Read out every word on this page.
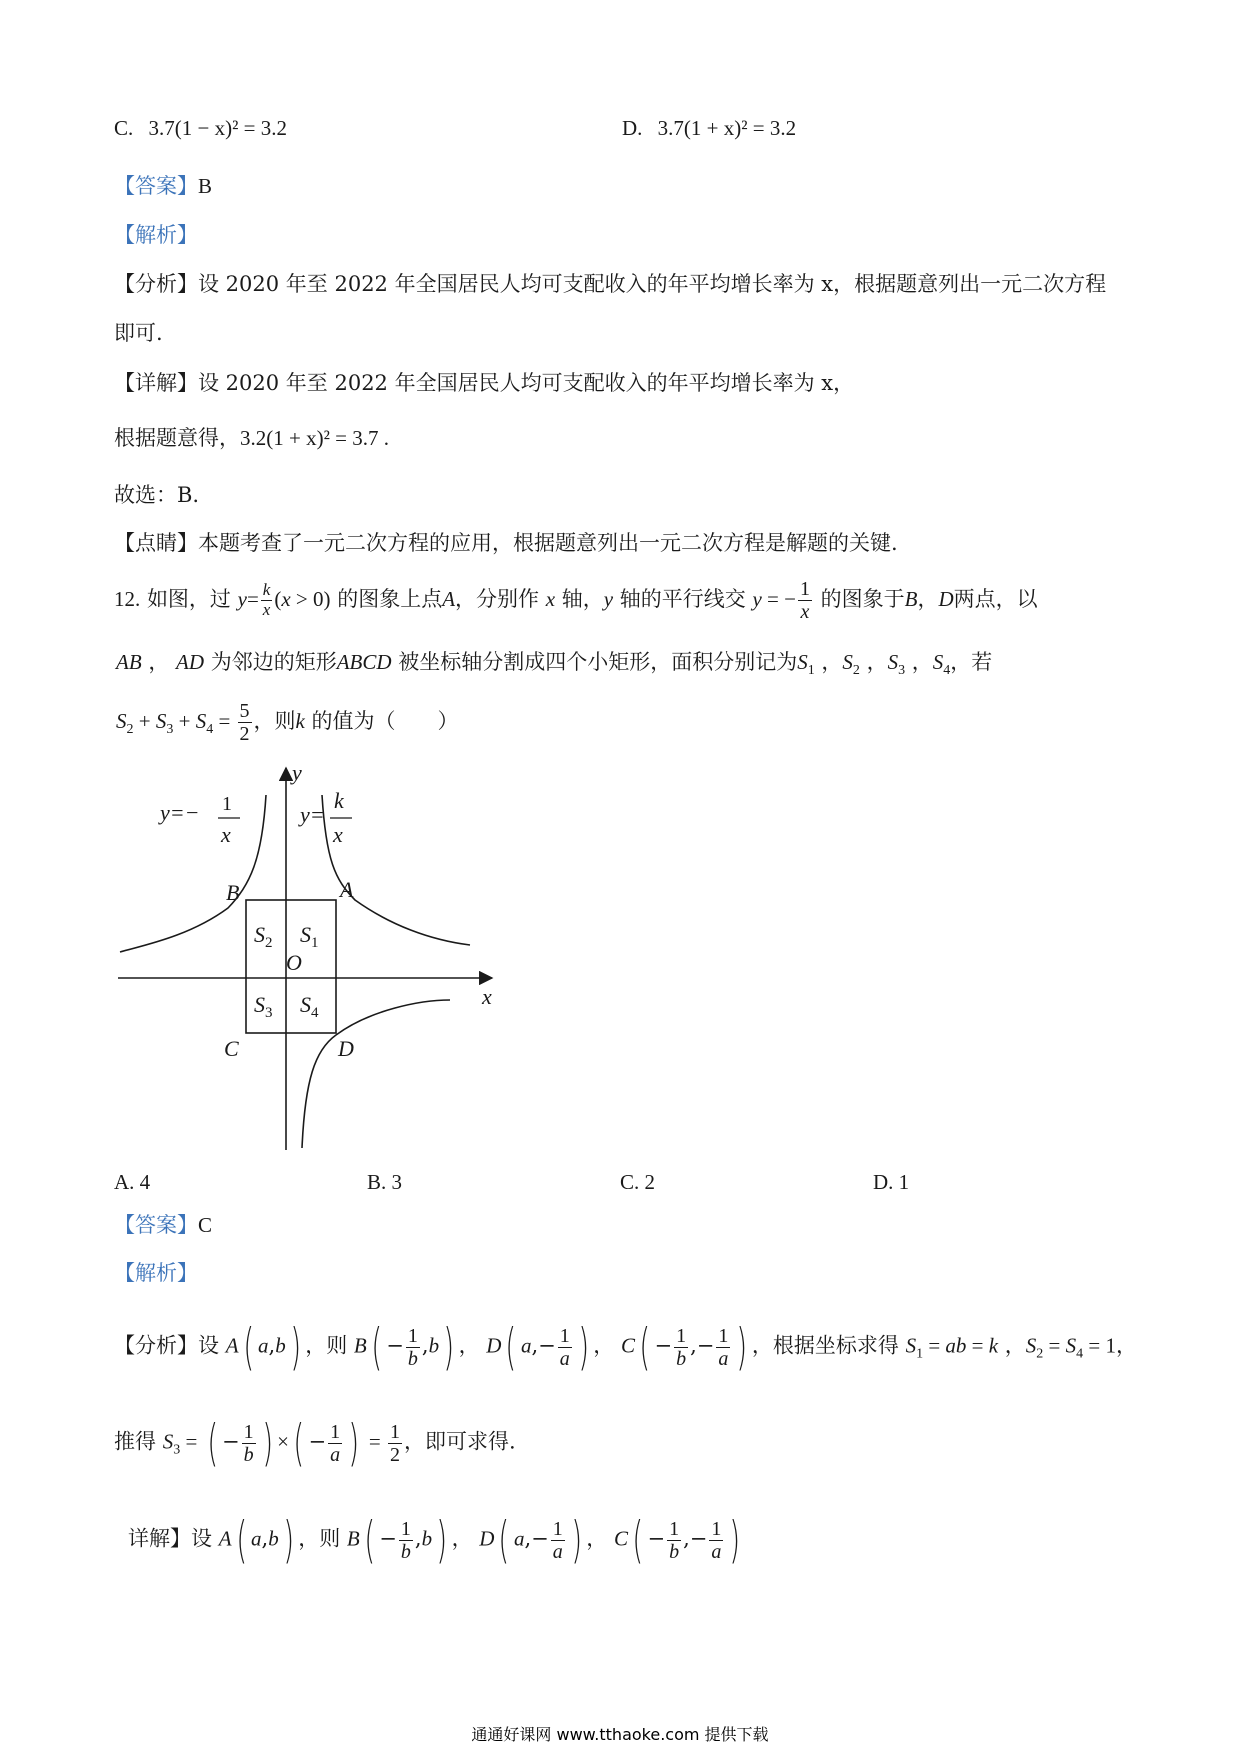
C. 3.7(1 − x)² = 3.2	D. 3.7(1 + x)² = 3.2
【答案】B
【解析】
【分析】设 2020 年至 2022 年全国居民人均可支配收入的年平均增长率为 x，根据题意列出一元二次方程
即可.
【详解】设 2020 年至 2022 年全国居民人均可支配收入的年平均增长率为 x，
根据题意得，3.2(1 + x)² = 3.7 .
故选：B.
【点睛】本题考查了一元二次方程的应用，根据题意列出一元二次方程是解题的关键.
12. 如图，过 $y= \frac{k}{x} (x > 0)$ 的图象上点A，分别作 x 轴，y 轴的平行线交 y = − $\frac{1}{x}$ 的图象于B，D两点，以
AB ， AD 为邻边的矩形ABCD 被坐标轴分割成四个小矩形，面积分别记为$S_1$ ，$S_2$ ，$S_3$ ，$S_4$，若
$S_2 + S_3 + S_4 = \frac{5}{2}$ ，则k 的值为（　　）
y=− 1
x
y=
k
x
y
x
O
A
B
C	D
$S_2$ $S_1$
$S_3$ $S_4$
A. 4	B. 3	C. 2	D. 1
【答案】C
【解析】
【分析】设 A( a,b) ，则 $B( - \frac{1}{b} ,b)$ ， D( $a,- \frac{1}{a}$ ) ， $C( - \frac{1}{b}$ ,− $\frac{1}{a}$ ) ，根据坐标求得 $S_1$ = ab = k ，$S_2 = S_4 = 1$，
推得 $S_3$ = ( − $\frac{1}{b}$ ) ×( − $\frac{1}{a}$ ) = $\frac{1}{2}$ ，即可求得.
详解】设 A( a,b) ，则 $B( - \frac{1}{b} ,b)$ ， D( $a,- \frac{1}{a}$ ) ， $C( - \frac{1}{b}$ ,− $\frac{1}{a}$ )
通通好课网 www.tthaoke.com 提供下载
